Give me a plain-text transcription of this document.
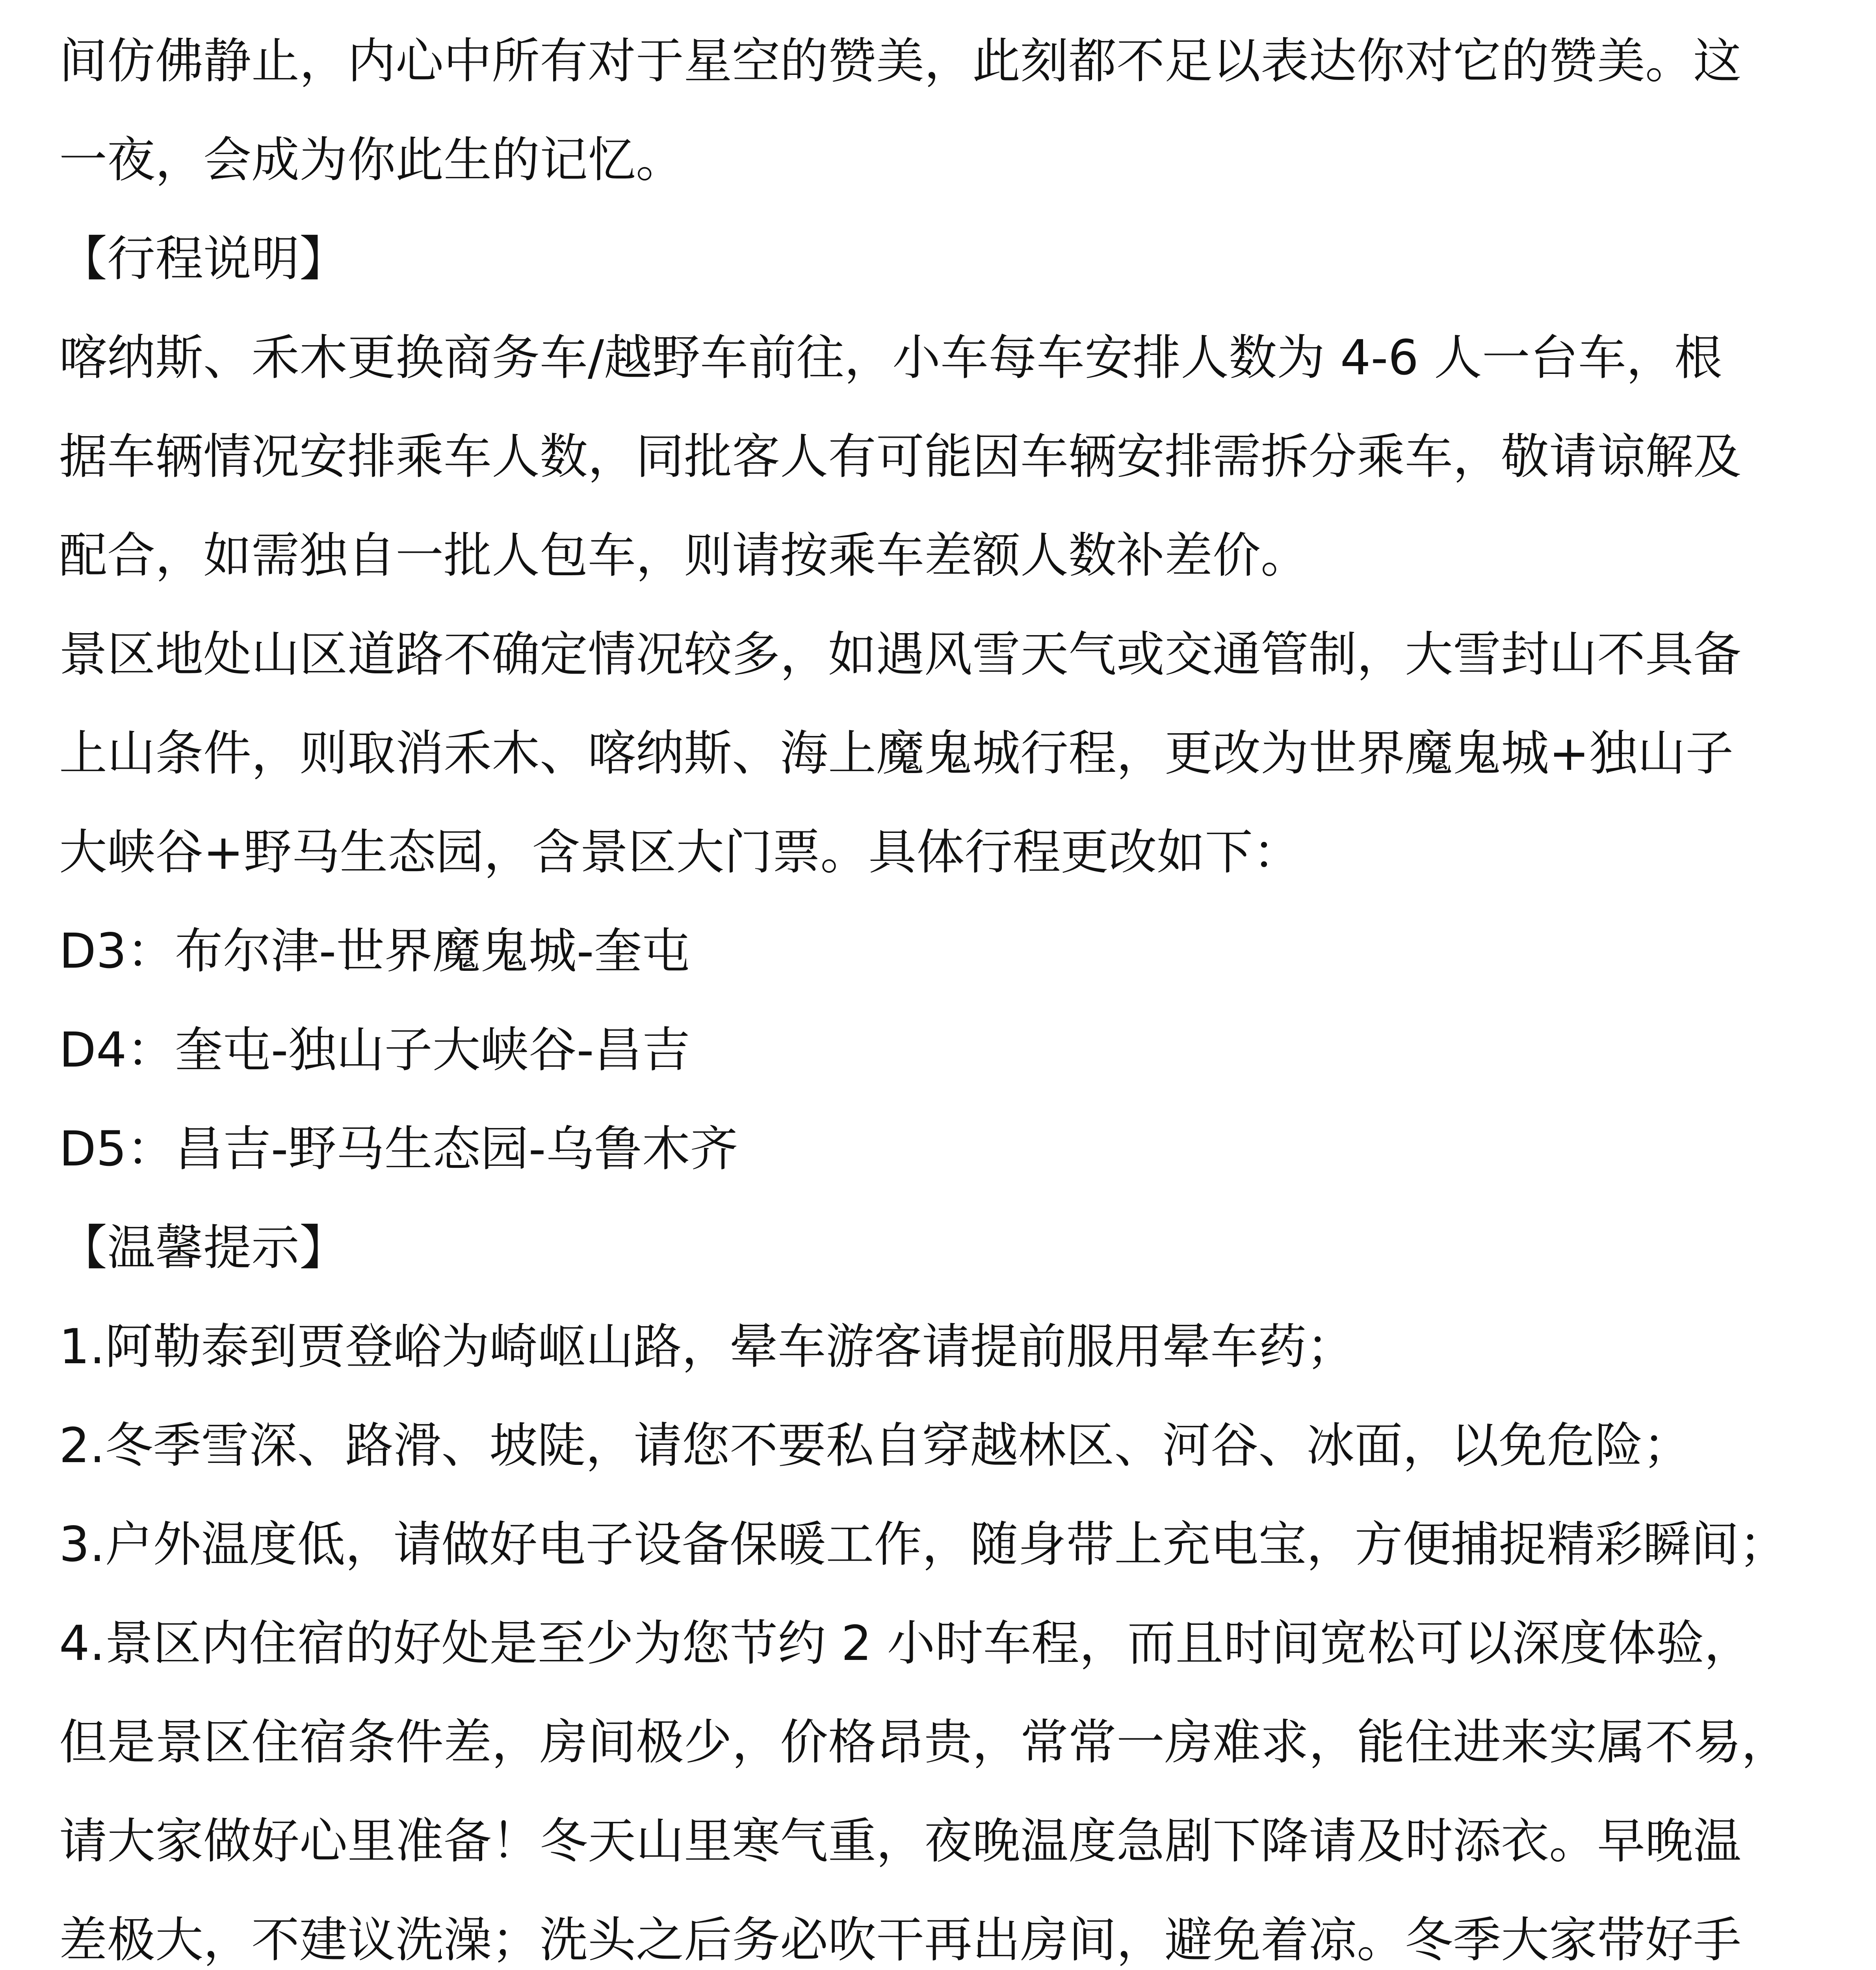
间仿佛静止，内心中所有对于星空的赞美，此刻都不足以表达你对它的赞美。这
一夜，会成为你此生的记忆。
【行程说明】
喀纳斯、禾木更换商务车/越野车前往，小车每车安排人数为 4-6 人一台车，根
据车辆情况安排乘车人数，同批客人有可能因车辆安排需拆分乘车，敬请谅解及
配合，如需独自一批人包车，则请按乘车差额人数补差价。
景区地处山区道路不确定情况较多，如遇风雪天气或交通管制，大雪封山不具备
上山条件，则取消禾木、喀纳斯、海上魔鬼城行程，更改为世界魔鬼城+独山子
大峡谷+野马生态园，含景区大门票。具体行程更改如下：
D3：布尔津-世界魔鬼城-奎屯
D4：奎屯-独山子大峡谷-昌吉
D5：昌吉-野马生态园-乌鲁木齐
【温馨提示】
1.阿勒泰到贾登峪为崎岖山路，晕车游客请提前服用晕车药；
2.冬季雪深、路滑、坡陡，请您不要私自穿越林区、河谷、冰面，以免危险；
3.户外温度低，请做好电子设备保暖工作，随身带上充电宝，方便捕捉精彩瞬间；
4.景区内住宿的好处是至少为您节约 2 小时车程，而且时间宽松可以深度体验，
但是景区住宿条件差，房间极少，价格昂贵，常常一房难求，能住进来实属不易，
请大家做好心里准备！冬天山里寒气重，夜晚温度急剧下降请及时添衣。早晚温
差极大，不建议洗澡；洗头之后务必吹干再出房间，避免着凉。冬季大家带好手
